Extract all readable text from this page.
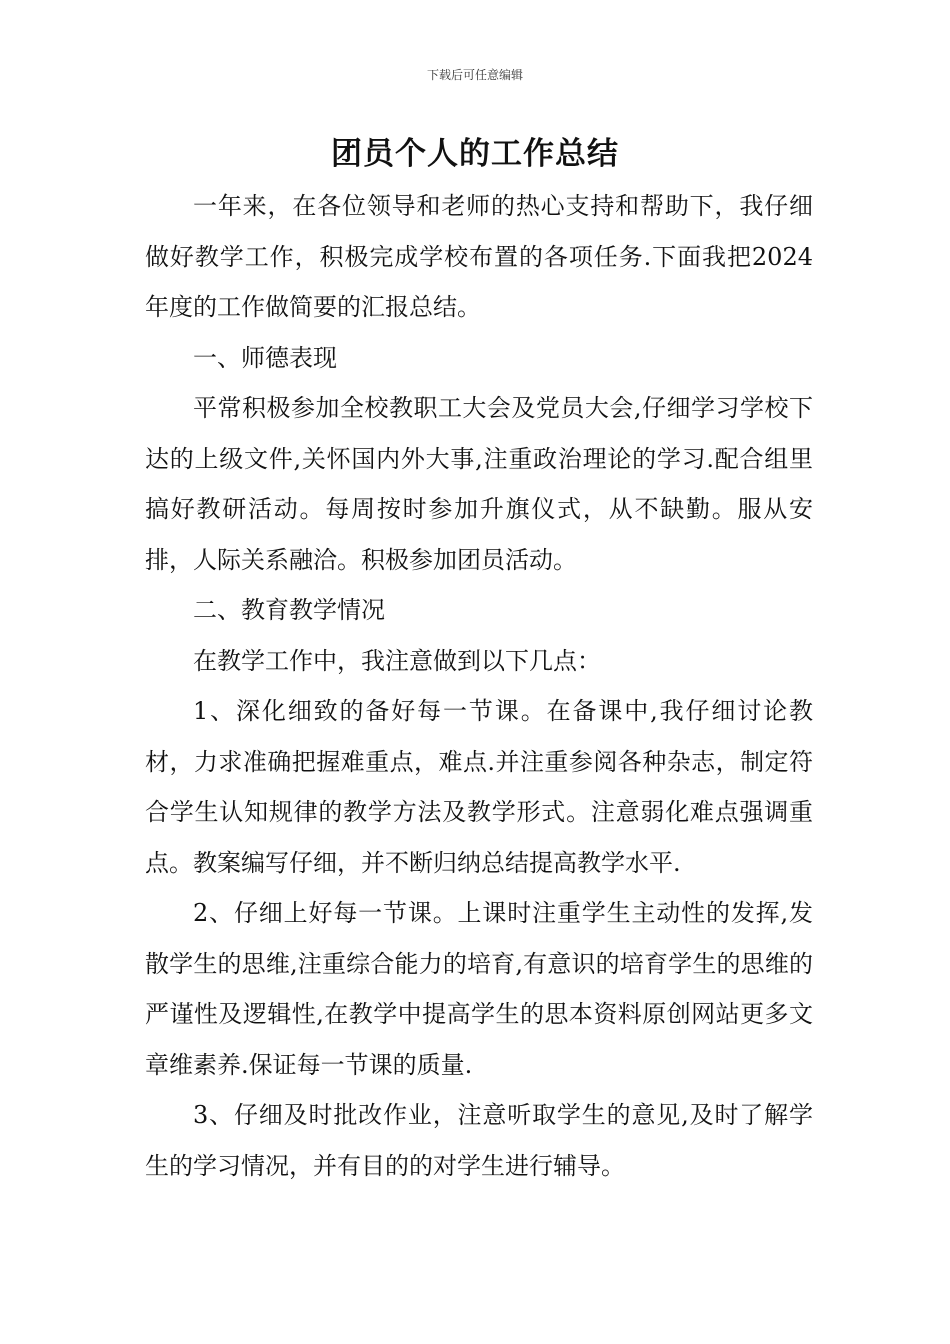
下载后可任意编辑
团员个人的工作总结

一年来，在各位领导和老师的热心支持和帮助下，我仔细做好教学工作，积极完成学校布置的各项任务.下面我把2024年度的工作做简要的汇报总结。

一、师德表现

平常积极参加全校教职工大会及党员大会,仔细学习学校下达的上级文件,关怀国内外大事,注重政治理论的学习.配合组里搞好教研活动。每周按时参加升旗仪式，从不缺勤。服从安排，人际关系融洽。积极参加团员活动。

二、教育教学情况

在教学工作中，我注意做到以下几点：

1、深化细致的备好每一节课。在备课中,我仔细讨论教材，力求准确把握难重点，难点.并注重参阅各种杂志，制定符合学生认知规律的教学方法及教学形式。注意弱化难点强调重点。教案编写仔细，并不断归纳总结提高教学水平.

2、仔细上好每一节课。上课时注重学生主动性的发挥,发散学生的思维,注重综合能力的培育,有意识的培育学生的思维的严谨性及逻辑性,在教学中提高学生的思本资料原创网站更多文章维素养.保证每一节课的质量.

3、仔细及时批改作业，注意听取学生的意见,及时了解学生的学习情况，并有目的的对学生进行辅导。
